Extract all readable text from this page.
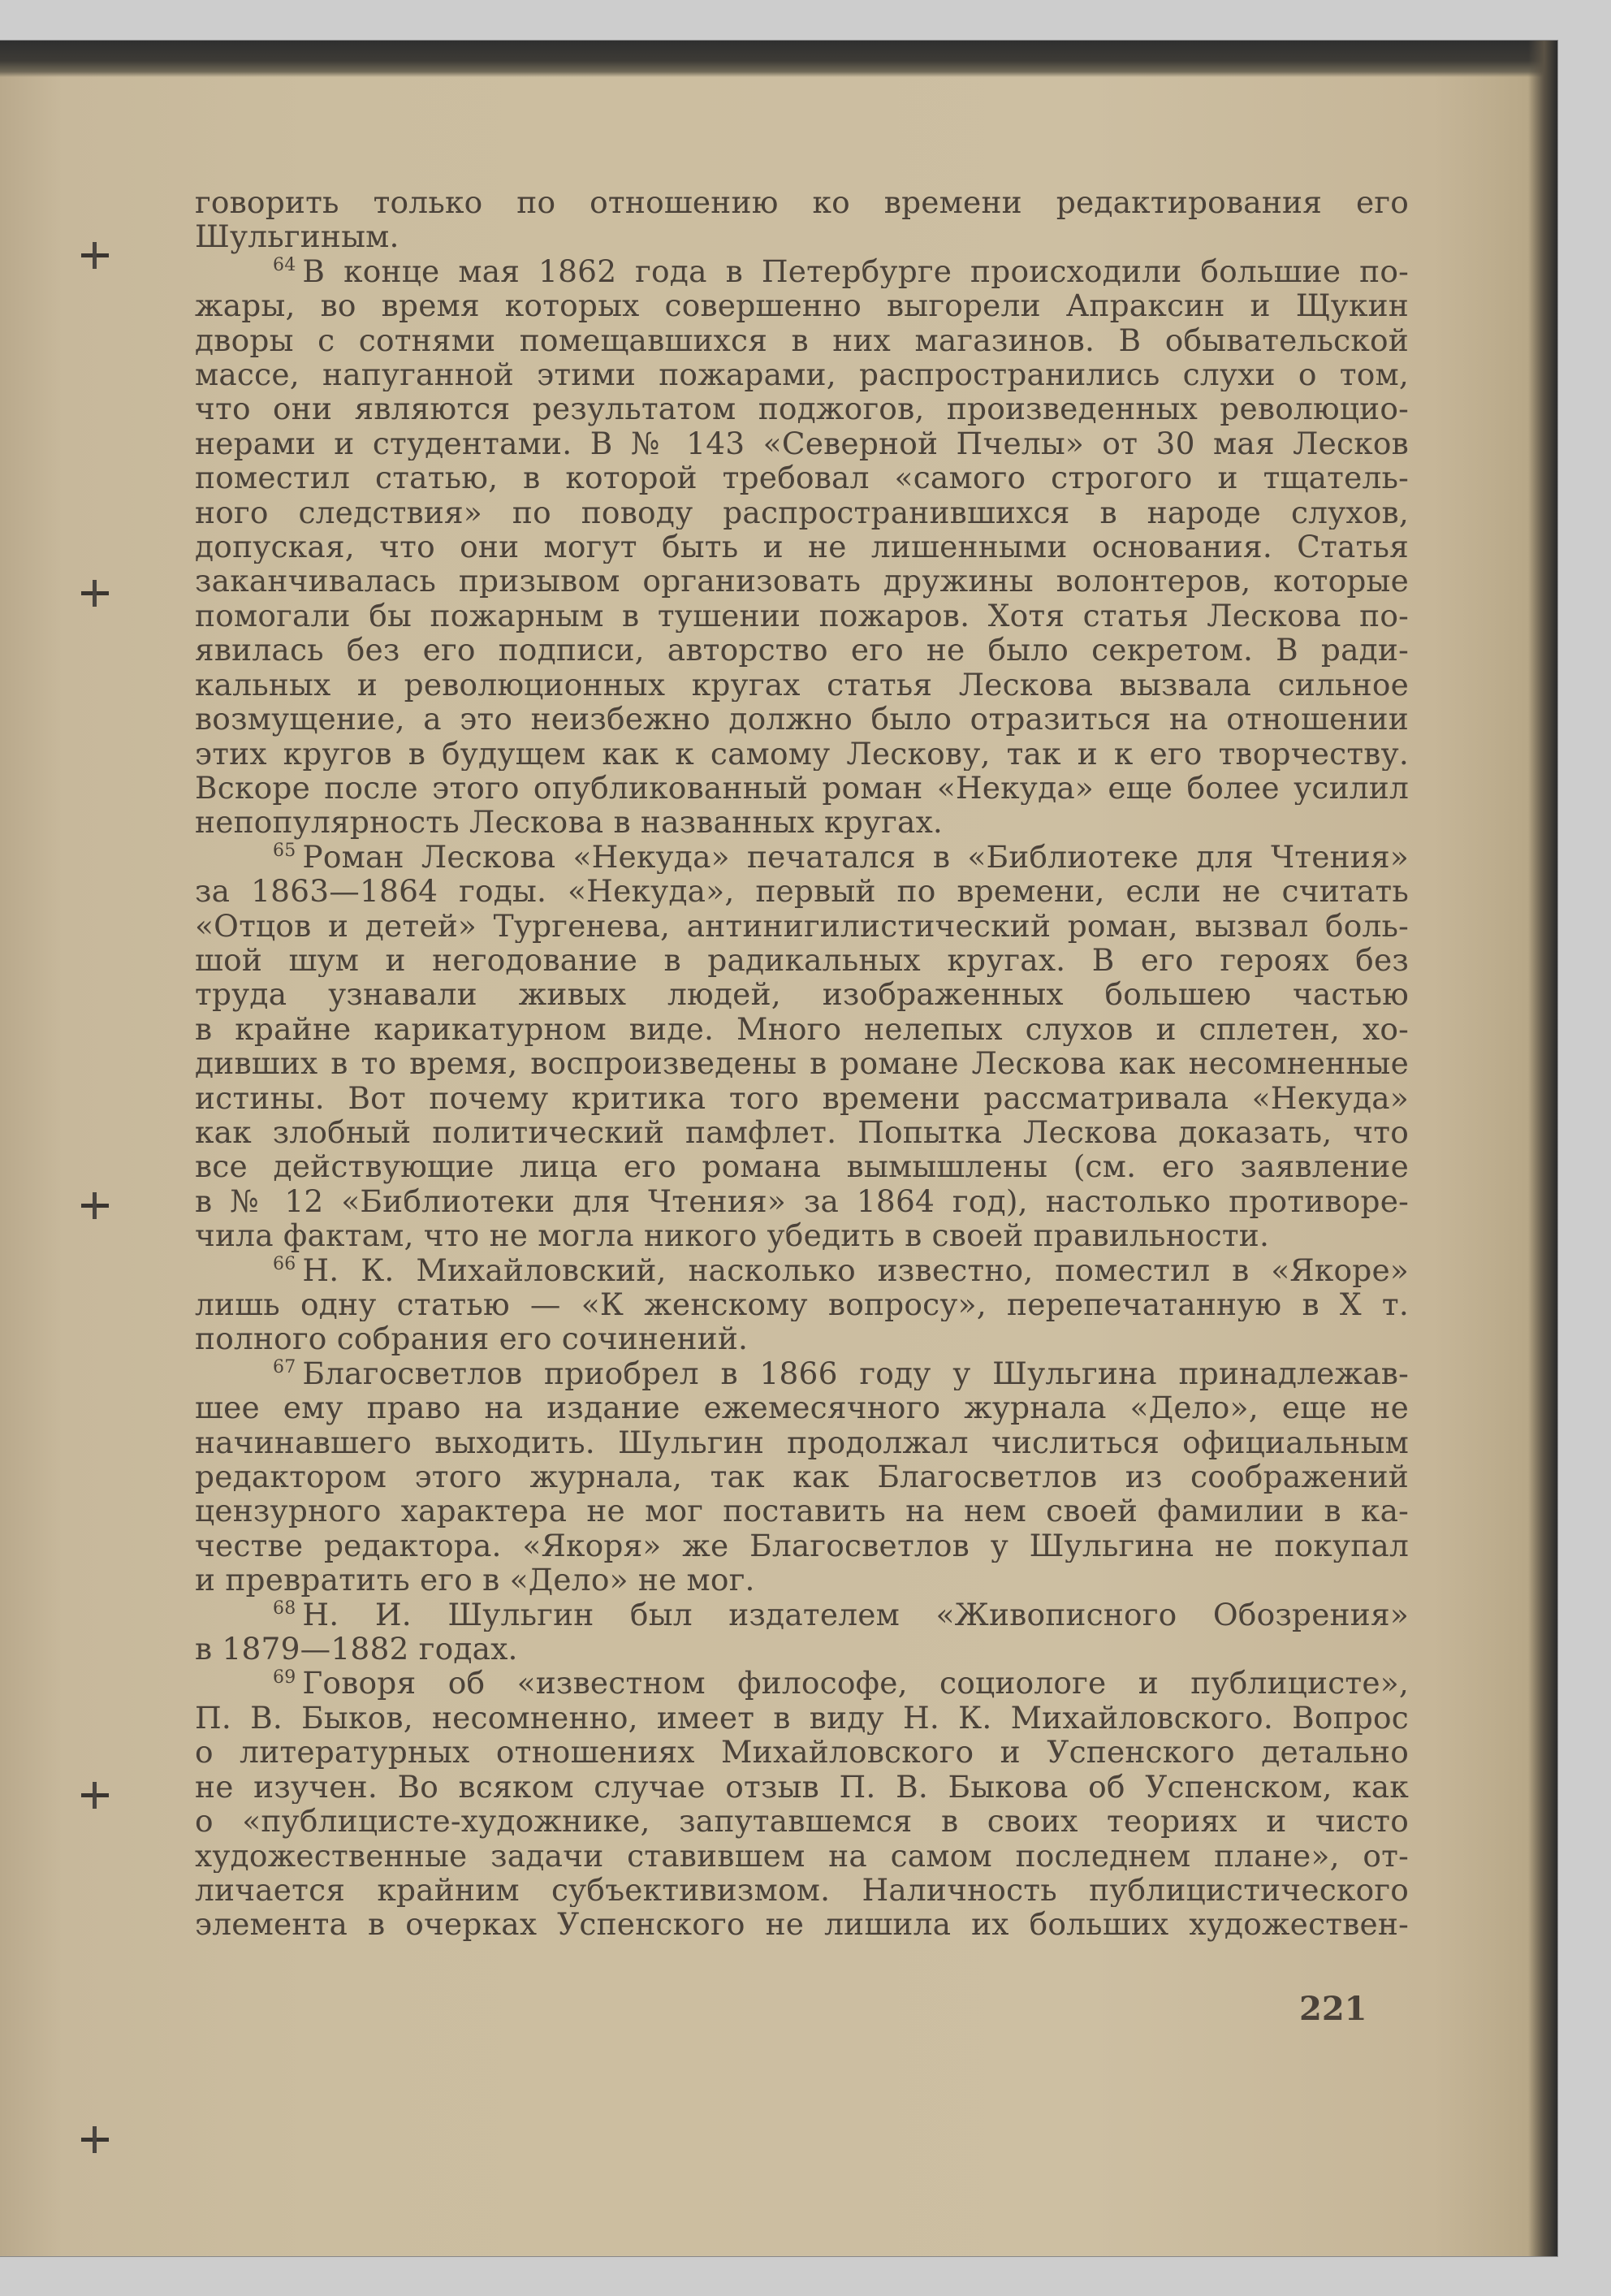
говорить только по отношению ко времени редактирования его
Шульгиным.
$^{64}$ В конце мая 1862 года в Петербурге происходили большие по-
жары, во время которых совершенно выгорели Апраксин и Щукин
дворы с сотнями помещавшихся в них магазинов. В обывательской
массе, напуганной этими пожарами, распространились слухи о том,
что они являются результатом поджогов, произведенных революцио-
нерами и студентами. В № 143 «Северной Пчелы» от 30 мая Лесков
поместил статью, в которой требовал «самого строгого и тщатель-
ного следствия» по поводу распространившихся в народе слухов,
допуская, что они могут быть и не лишенными основания. Статья
заканчивалась призывом организовать дружины волонтеров, которые
помогали бы пожарным в тушении пожаров. Хотя статья Лескова по-
явилась без его подписи, авторство его не было секретом. В ради-
кальных и революционных кругах статья Лескова вызвала сильное
возмущение, а это неизбежно должно было отразиться на отношении
этих кругов в будущем как к самому Лескову, так и к его творчеству.
Вскоре после этого опубликованный роман «Некуда» еще более усилил
непопулярность Лескова в названных кругах.
$^{65}$ Роман Лескова «Некуда» печатался в «Библиотеке для Чтения»
за 1863—1864 годы. «Некуда», первый по времени, если не считать
«Отцов и детей» Тургенева, антинигилистический роман, вызвал боль-
шой шум и негодование в радикальных кругах. В его героях без
труда узнавали живых людей, изображенных большею частью
в крайне карикатурном виде. Много нелепых слухов и сплетен, хо-
дивших в то время, воспроизведены в романе Лескова как несомненные
истины. Вот почему критика того времени рассматривала «Некуда»
как злобный политический памфлет. Попытка Лескова доказать, что
все действующие лица его романа вымышлены (см. его заявление
в № 12 «Библиотеки для Чтения» за 1864 год), настолько противоре-
чила фактам, что не могла никого убедить в своей правильности.
$^{66}$ Н. К. Михайловский, насколько известно, поместил в «Якоре»
лишь одну статью — «К женскому вопросу», перепечатанную в Х т.
полного собрания его сочинений.
$^{67}$ Благосветлов приобрел в 1866 году у Шульгина принадлежав-
шее ему право на издание ежемесячного журнала «Дело», еще не
начинавшего выходить. Шульгин продолжал числиться официальным
редактором этого журнала, так как Благосветлов из соображений
цензурного характера не мог поставить на нем своей фамилии в ка-
честве редактора. «Якоря» же Благосветлов у Шульгина не покупал
и превратить его в «Дело» не мог.
$^{68}$ Н. И. Шульгин был издателем «Живописного Обозрения»
в 1879—1882 годах.
$^{69}$ Говоря об «известном философе, социологе и публицисте»,
П. В. Быков, несомненно, имеет в виду Н. К. Михайловского. Вопрос
о литературных отношениях Михайловского и Успенского детально
не изучен. Во всяком случае отзыв П. В. Быкова об Успенском, как
о «публицисте-художнике, запутавшемся в своих теориях и чисто
художественные задачи ставившем на самом последнем плане», от-
личается крайним субъективизмом. Наличность публицистического
элемента в очерках Успенского не лишила их больших художествен-
221
